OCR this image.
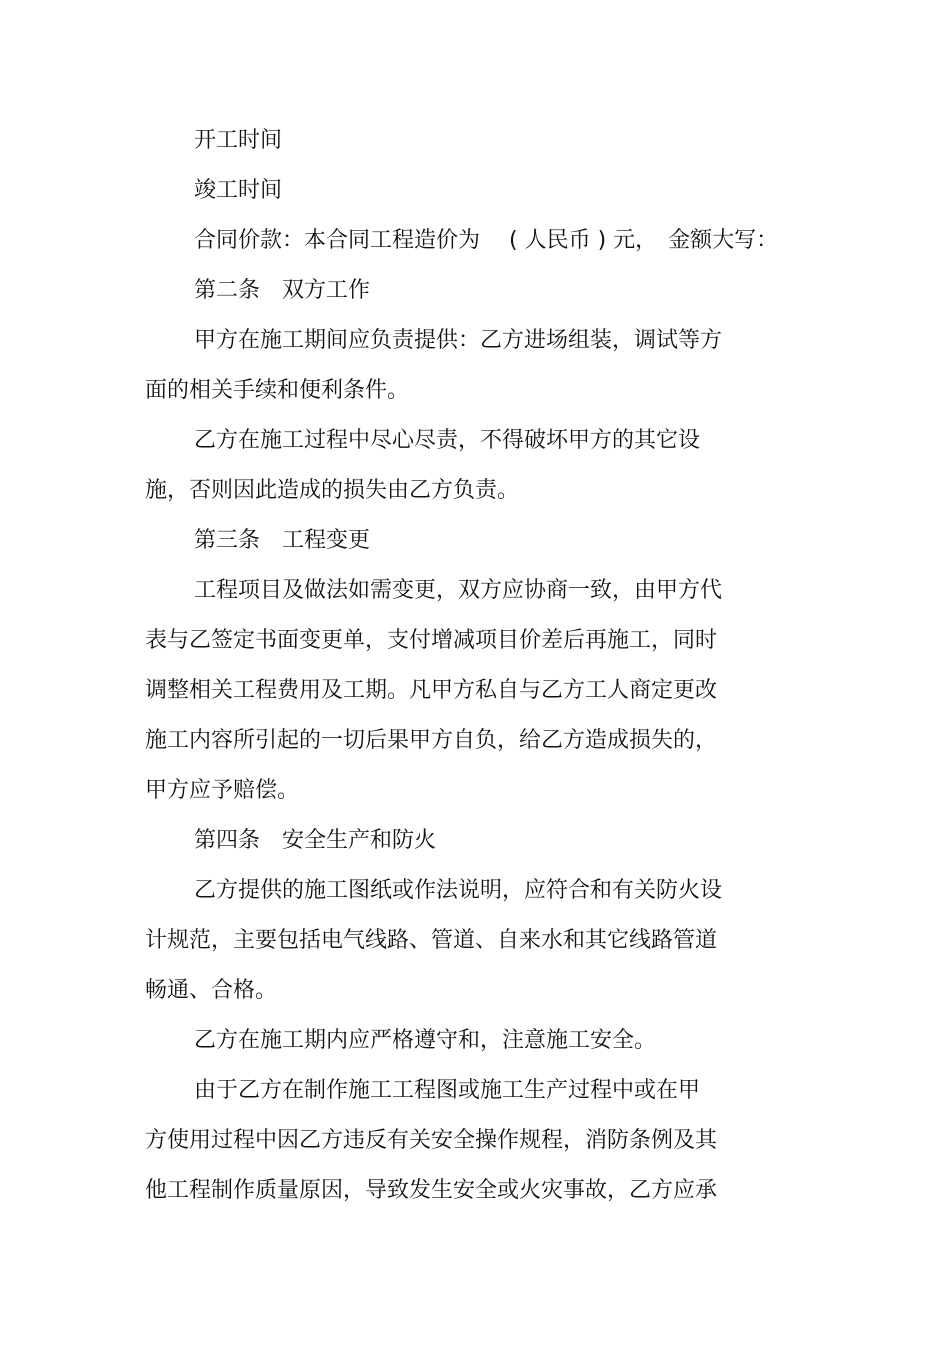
开工时间
竣工时间
合同价款：本合同工程造价为　 ( 人民币 ) 元，　金额大写：
第二条　双方工作
甲方在施工期间应负责提供：乙方进场组装，调试等方
面的相关手续和便利条件。
乙方在施工过程中尽心尽责，不得破坏甲方的其它设
施，否则因此造成的损失由乙方负责。
第三条　工程变更
工程项目及做法如需变更，双方应协商一致，由甲方代
表与乙签定书面变更单，支付增减项目价差后再施工，同时
调整相关工程费用及工期。凡甲方私自与乙方工人商定更改
施工内容所引起的一切后果甲方自负，给乙方造成损失的，
甲方应予赔偿。
第四条　安全生产和防火
乙方提供的施工图纸或作法说明，应符合和有关防火设
计规范，主要包括电气线路、管道、自来水和其它线路管道
畅通、合格。
乙方在施工期内应严格遵守和，注意施工安全。
由于乙方在制作施工工程图或施工生产过程中或在甲
方使用过程中因乙方违反有关安全操作规程，消防条例及其
他工程制作质量原因，导致发生安全或火灾事故，乙方应承
